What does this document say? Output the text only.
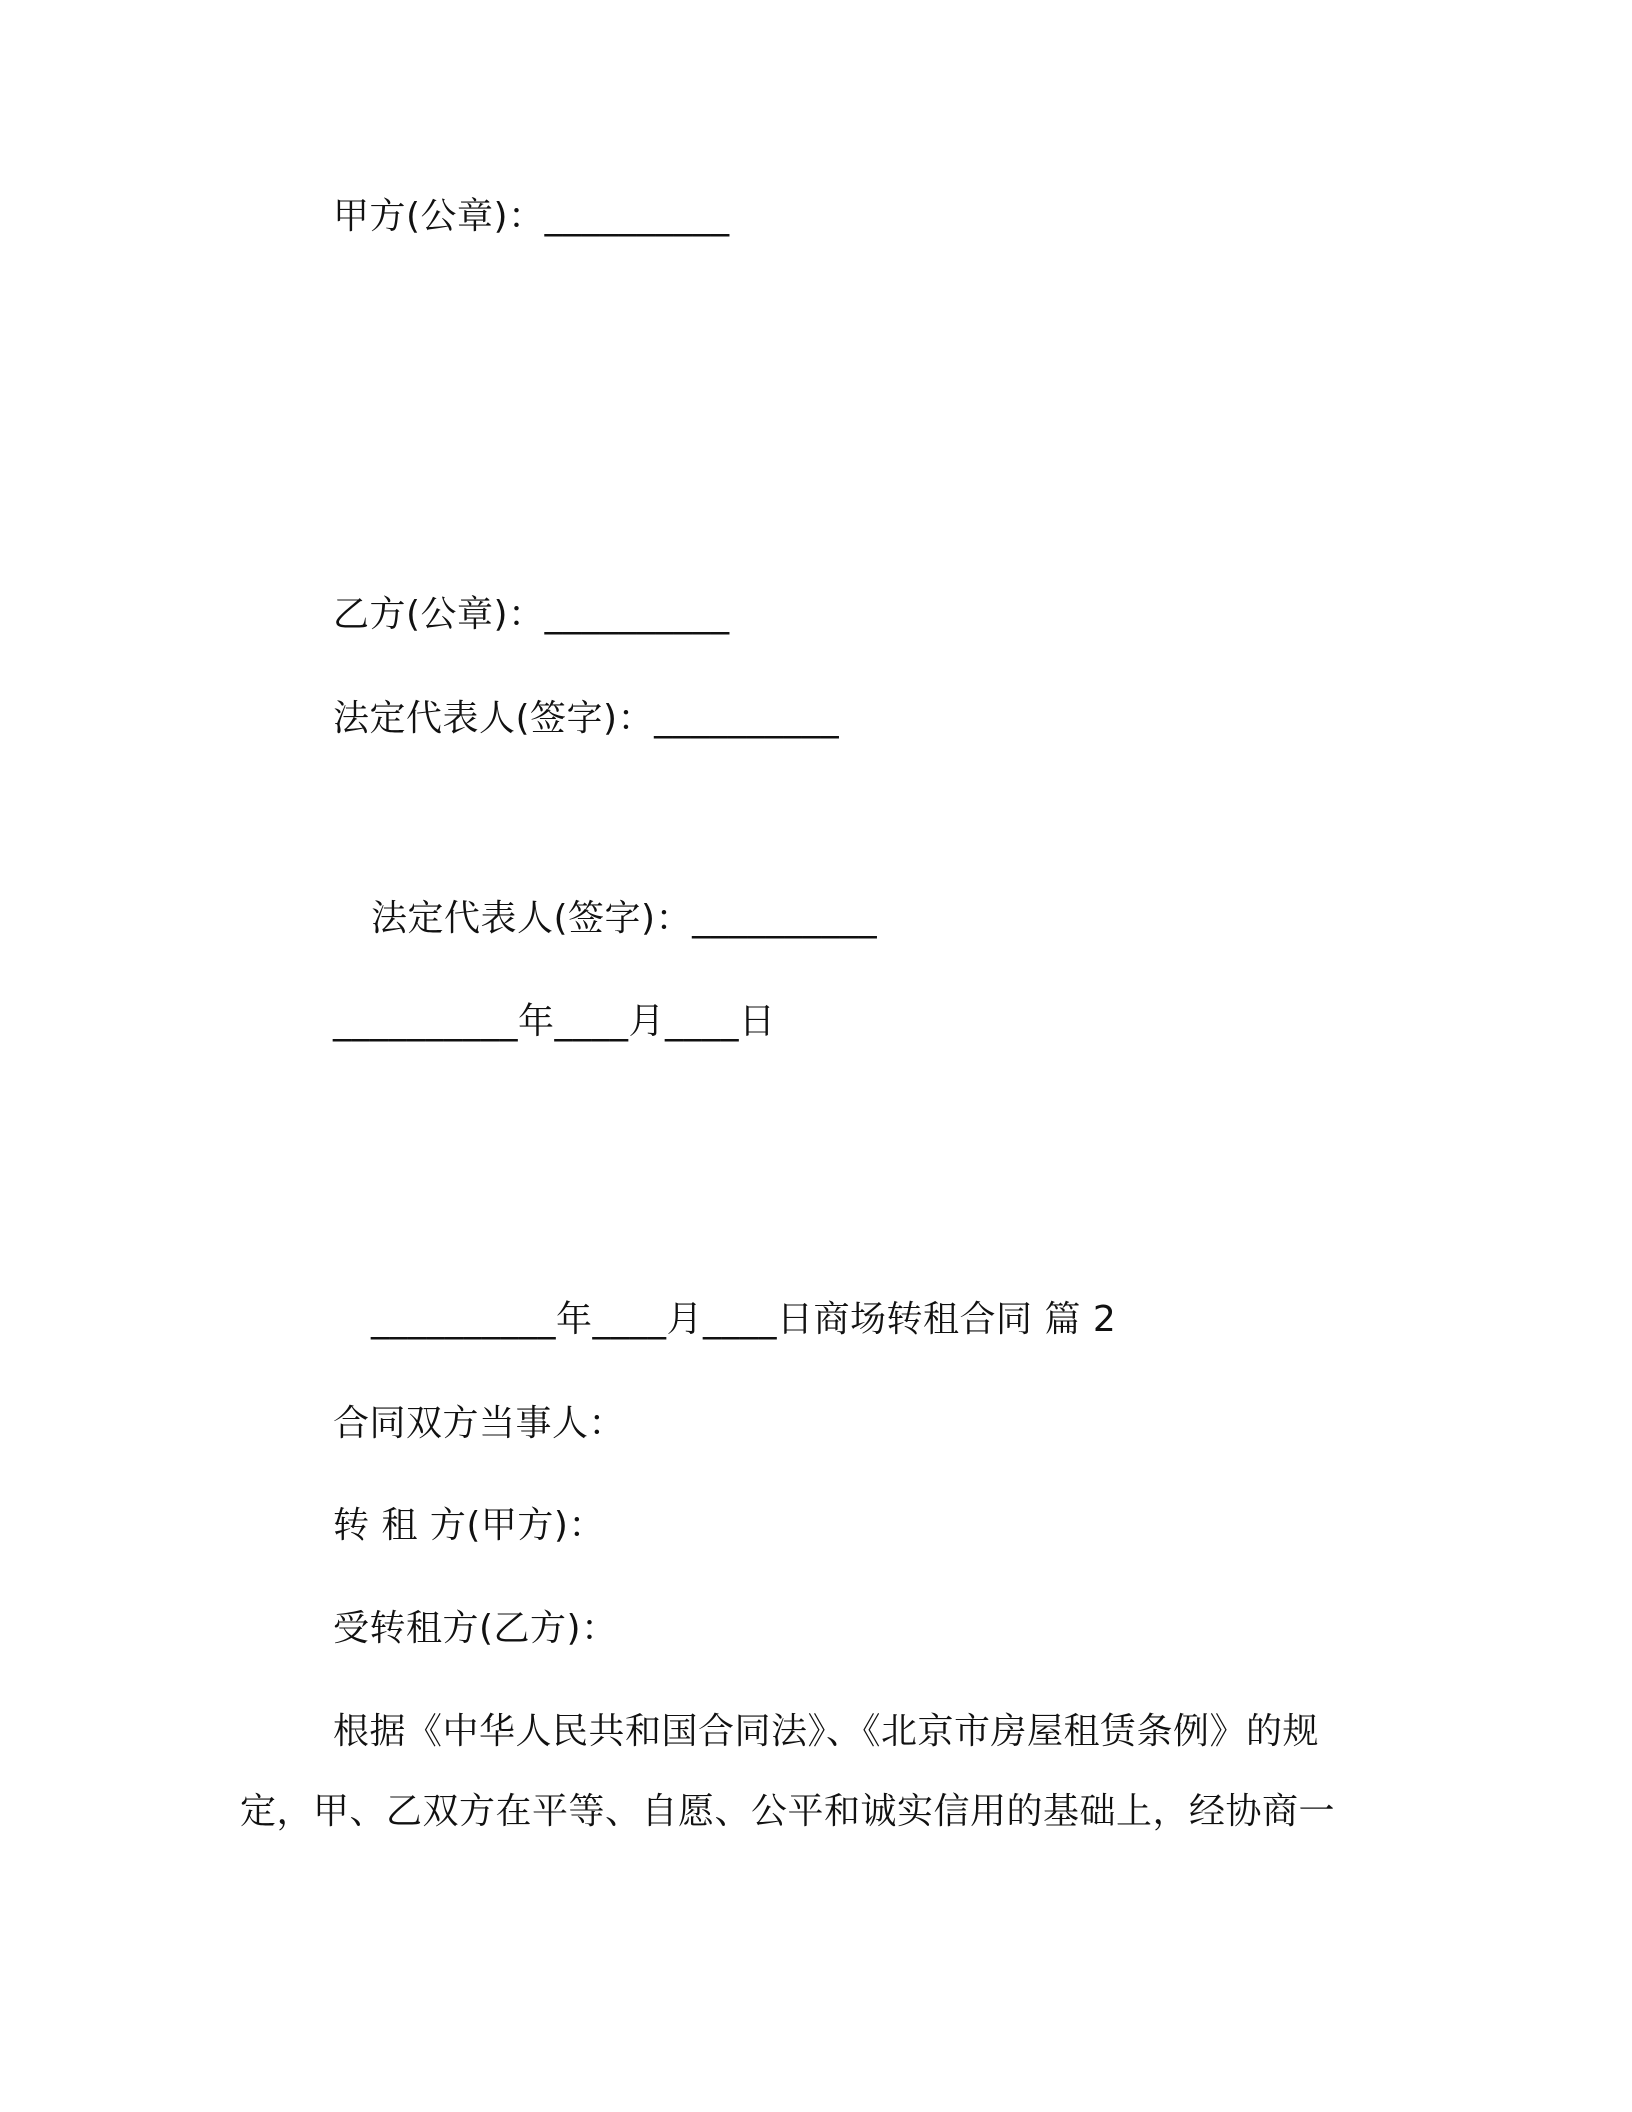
甲方(公章)：__________
乙方(公章)：__________
法定代表人(签字)：__________
法定代表人(签字)：__________
__________年____月____日
__________年____月____日商场转租合同 篇 2
合同双方当事人：
转 租 方(甲方)：
受转租方(乙方)：
根据《中华人民共和国合同法》、《北京市房屋租赁条例》的规
定，甲、乙双方在平等、自愿、公平和诚实信用的基础上，经协商一
